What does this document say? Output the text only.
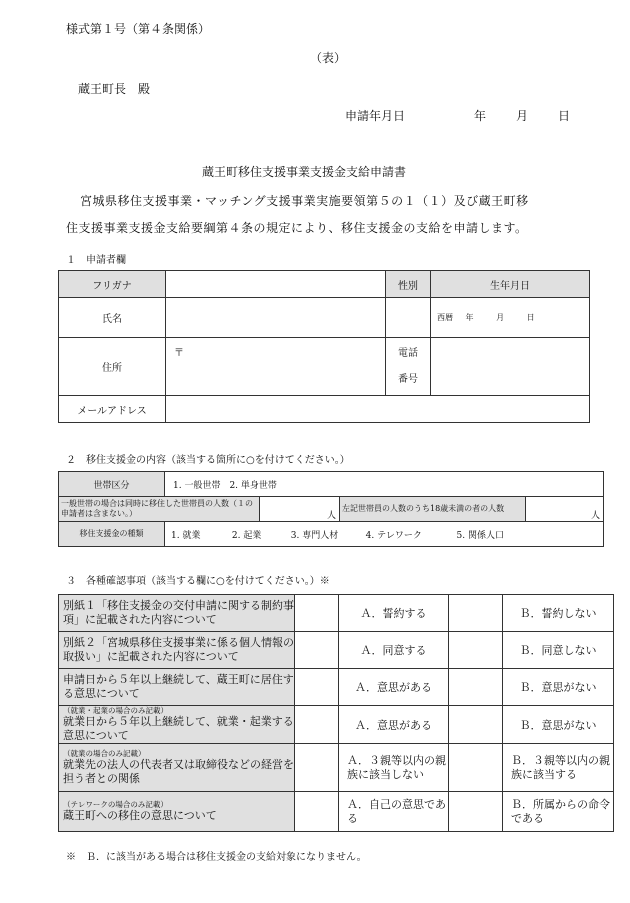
様式第１号（第４条関係）
（表）
蔵王町長　殿
申請年月日	年 月 日
蔵王町移住支援事業支援金支給申請書
宮城県移住支援事業・マッチング支援事業実施要領第５の１（１）及び蔵王町移
住支援事業支援金支給要綱第４条の規定により、移住支援金の支給を申請します。
１　申請者欄
フリガナ		性別	生年月日
氏名			西暦 年 月 日
住所	〒	電話
番号	
メールアドレス			
２　移住支援金の内容（該当する箇所に○を付けてください。）
世帯区分	1. 一般世帯　2. 単身世帯			
一般世帯の場合は同時に移住した世帯員の人数（１の申請者は含まない。）		人	左記世帯員の人数のうち18歳未満の者の人数	人
移住支援金の種類	1. 就業 2. 起業 3. 専門人材 4. テレワーク 5. 関係人口			
３　各種確認事項（該当する欄に○を付けてください。）※
別紙１「移住支援金の交付申請に関する制約事項」に記載された内容について		Ａ．誓約する		Ｂ．誓約しない
別紙２「宮城県移住支援事業に係る個人情報の取扱い」に記載された内容について		Ａ．同意する		Ｂ．同意しない
申請日から５年以上継続して、蔵王町に居住する意思について		Ａ．意思がある		Ｂ．意思がない

（就業・起業の場合のみ記載）
就業日から５年以上継続して、就業・起業する意思について		Ａ．意思がある		Ｂ．意思がない

（就業の場合のみ記載）
就業先の法人の代表者又は取締役などの経営を担う者との関係		Ａ．３親等以内の親族に該当しない		Ｂ．３親等以内の親族に該当する

（テレワークの場合のみ記載）
蔵王町への移住の意思について		Ａ．自己の意思である		Ｂ．所属からの命令である
※　Ｂ．に該当がある場合は移住支援金の支給対象になりません。
